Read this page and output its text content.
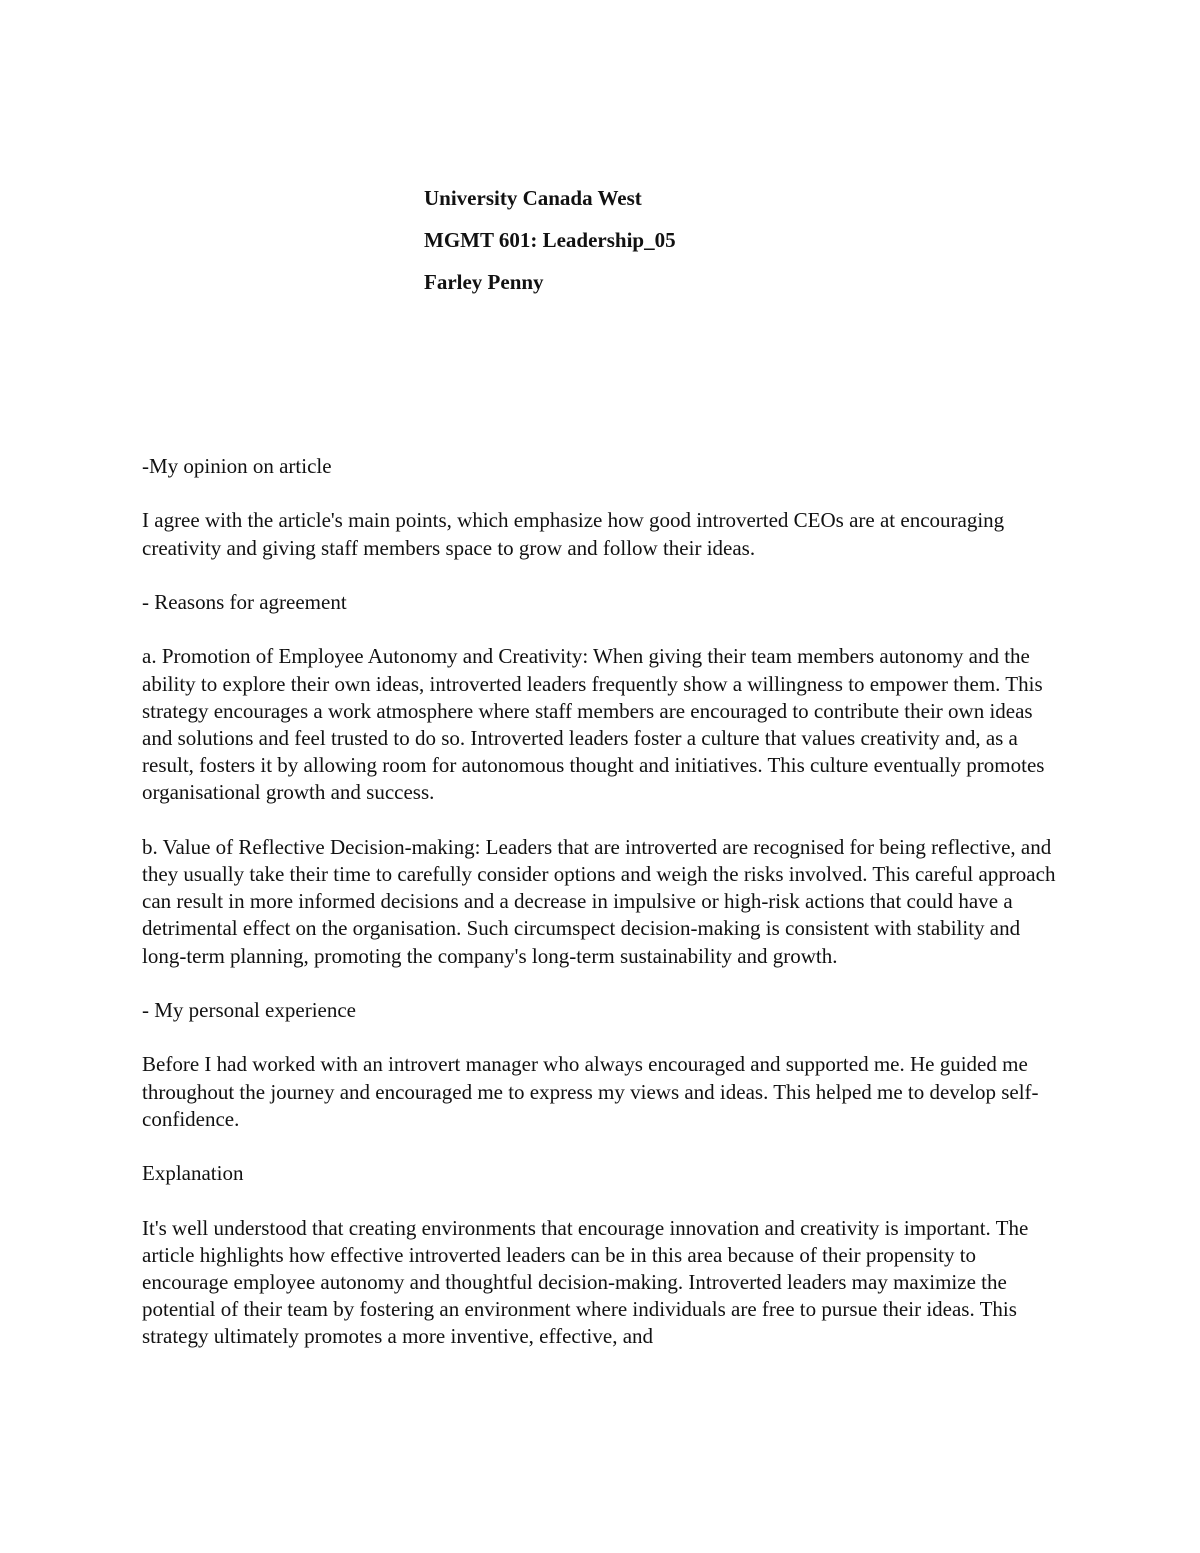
University Canada West
MGMT 601: Leadership_05
Farley Penny

-My opinion on article

I agree with the article's main points, which emphasize how good introverted CEOs are at encouraging creativity and giving staff members space to grow and follow their ideas.

- Reasons for agreement

a. Promotion of Employee Autonomy and Creativity: When giving their team members autonomy and the ability to explore their own ideas, introverted leaders frequently show a willingness to empower them. This strategy encourages a work atmosphere where staff members are encouraged to contribute their own ideas and solutions and feel trusted to do so. Introverted leaders foster a culture that values creativity and, as a result, fosters it by allowing room for autonomous thought and initiatives. This culture eventually promotes organisational growth and success.

b. Value of Reflective Decision-making: Leaders that are introverted are recognised for being reflective, and they usually take their time to carefully consider options and weigh the risks involved. This careful approach can result in more informed decisions and a decrease in impulsive or high-risk actions that could have a detrimental effect on the organisation. Such circumspect decision-making is consistent with stability and long-term planning, promoting the company's long-term sustainability and growth.

- My personal experience

Before I had worked with an introvert manager who always encouraged and supported me. He guided me throughout the journey and encouraged me to express my views and ideas. This helped me to develop self-confidence.

Explanation

It's well understood that creating environments that encourage innovation and creativity is important. The article highlights how effective introverted leaders can be in this area because of their propensity to encourage employee autonomy and thoughtful decision-making. Introverted leaders may maximize the potential of their team by fostering an environment where individuals are free to pursue their ideas. This strategy ultimately promotes a more inventive, effective, and
